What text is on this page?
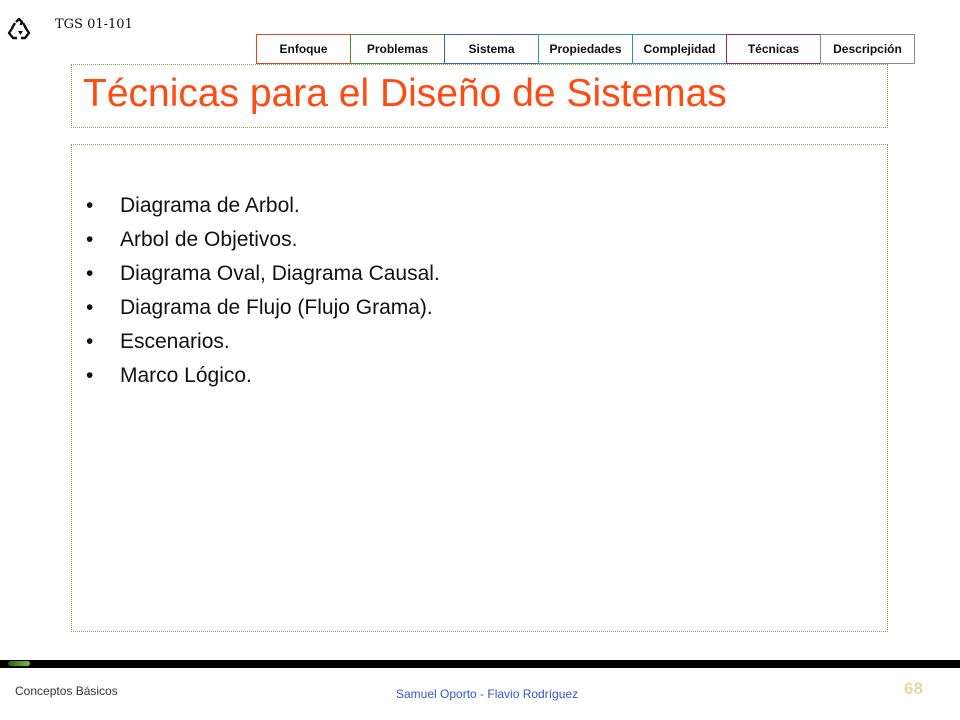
TGS 01-101
Enfoque	Problemas	Sistema	Propiedades	Complejidad	Técnicas	Descripción
Técnicas para el Diseño de Sistemas
• Diagrama de Arbol.
• Arbol de Objetivos.
• Diagrama Oval, Diagrama Causal.
• Diagrama de Flujo (Flujo Grama).
• Escenarios.
• Marco Lógico.
Conceptos Básicos	Samuel Oporto - Flavio Rodríguez	68
